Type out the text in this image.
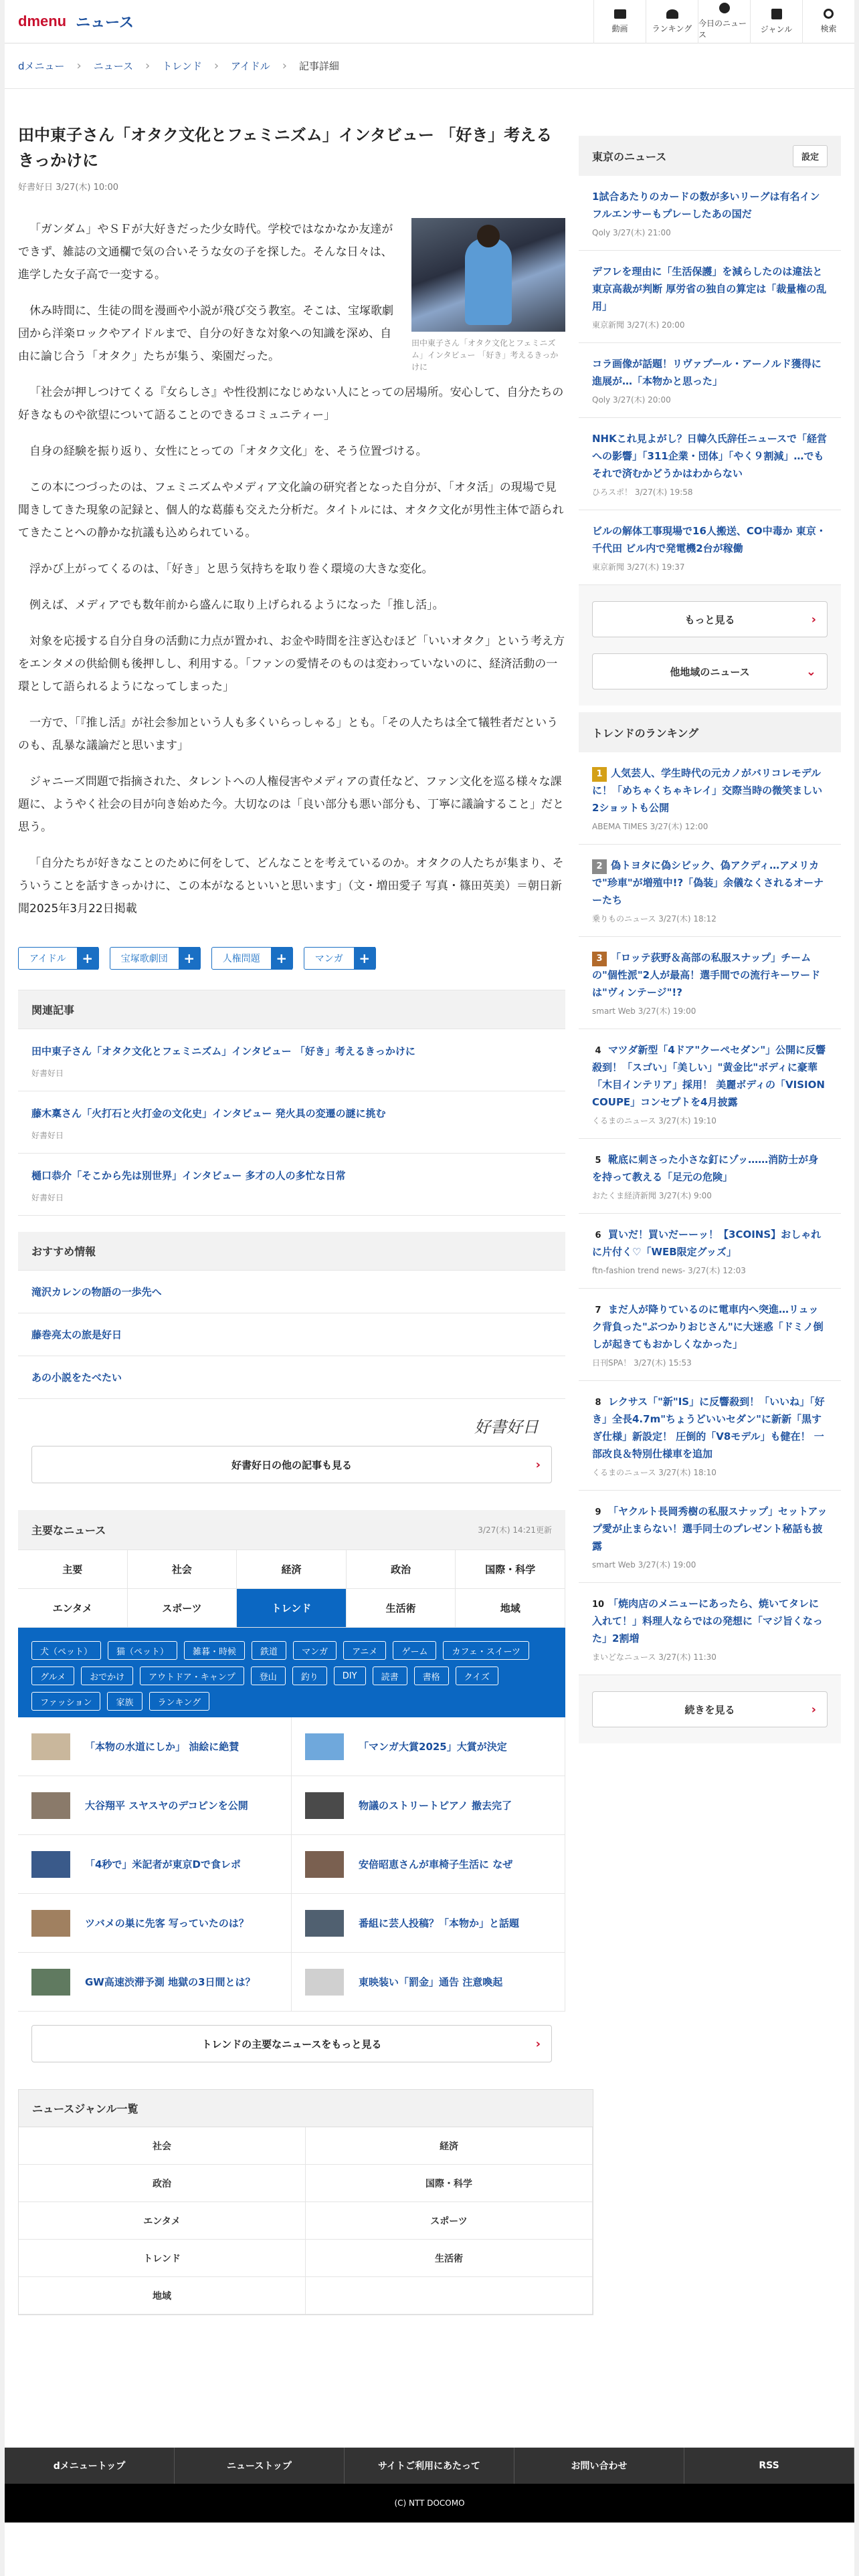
dmenu ニュース	動画	ランキング
今日のニュース
ジャンル	検索
dメニュー › ニュース › トレンド › アイドル › 記事詳細
田中東子さん「オタク文化とフェミニズム」インタビュー 「好き」考えるきっかけに
好書好日 3/27(木) 10:00
田中東子さん「オタク文化とフェミニズム」インタビュー 「好き」考えるきっかけに

「ガンダム」やＳＦが大好きだった少女時代。学校ではなかなか友達ができず、雑誌の文通欄で気の合いそうな女の子を探した。そんな日々は、進学した女子高で一変する。

休み時間に、生徒の間を漫画や小説が飛び交う教室。そこは、宝塚歌劇団から洋楽ロックやアイドルまで、自分の好きな対象への知識を深め、自由に論じ合う「オタク」たちが集う、楽園だった。

「社会が押しつけてくる『女らしさ』や性役割になじめない人にとっての居場所。安心して、自分たちの好きなものや欲望について語ることのできるコミュニティー」

自身の経験を振り返り、女性にとっての「オタク文化」を、そう位置づける。

この本につづったのは、フェミニズムやメディア文化論の研究者となった自分が、「オタ活」の現場で見聞きしてきた現象の記録と、個人的な葛藤も交えた分析だ。タイトルには、オタク文化が男性主体で語られてきたことへの静かな抗議も込められている。

浮かび上がってくるのは、「好き」と思う気持ちを取り巻く環境の大きな変化。

例えば、メディアでも数年前から盛んに取り上げられるようになった「推し活」。

対象を応援する自分自身の活動に力点が置かれ、お金や時間を注ぎ込むほど「いいオタク」という考え方をエンタメの供給側も後押しし、利用する。「ファンの愛情そのものは変わっていないのに、経済活動の一環として語られるようになってしまった」

一方で、「『推し活』が社会参加という人も多くいらっしゃる」とも。「その人たちは全て犠牲者だというのも、乱暴な議論だと思います」

ジャニーズ問題で指摘された、タレントへの人権侵害やメディアの責任など、ファン文化を巡る様々な課題に、ようやく社会の目が向き始めた今。大切なのは「良い部分も悪い部分も、丁寧に議論すること」だと思う。

「自分たちが好きなことのために何をして、どんなことを考えているのか。オタクの人たちが集まり、そういうことを話すきっかけに、この本がなるといいと思います」（文・増田愛子 写真・篠田英美）＝朝日新聞2025年3月22日掲載

アイドル	+	宝塚歌劇団	+	人権問題	+	マンガ	+
関連記事
田中東子さん「オタク文化とフェミニズム」インタビュー 「好き」考えるきっかけに
好書好日
藤木稟さん「火打石と火打金の文化史」インタビュー 発火具の変遷の謎に挑む
好書好日
樋口恭介「そこから先は別世界」インタビュー 多才の人の多忙な日常
好書好日
おすすめ情報
滝沢カレンの物語の一歩先へ
藤巻亮太の旅是好日
あの小説をたべたい
好書好日
好書好日の他の記事も見る	›
主要なニュース	3/27(木) 14:21更新
主要	社会	経済	政治	国際・科学
エンタメ	スポーツ	トレンド	生活術	地域
犬（ペット）	猫（ペット）	雑暮・時候	鉄道	マンガ	アニメ	ゲーム	カフェ・スイーツ
グルメ	おでかけ	アウトドア・キャンプ	登山	釣り	DIY	読書	書格	クイズ
ファッション	家族	ランキング
「本物の水道にしか」 油絵に絶賛	「マンガ大賞2025」大賞が決定
大谷翔平 スヤスヤのデコピンを公開	物議のストリートピアノ 撤去完了
「4秒で」米記者が東京Dで食レポ	安倍昭恵さんが車椅子生活に なぜ
ツバメの巣に先客 写っていたのは？	番組に芸人投稿？「本物か」と話題
GW高速渋滞予測 地獄の3日間とは？	東映装い「罰金」通告 注意喚起
トレンドの主要なニュースをもっと見る	›
東京のニュース	設定
1試合あたりのカードの数が多いリーグは有名インフルエンサーもプレーしたあの国だ
Qoly 3/27(木) 21:00
デフレを理由に「生活保護」を減らしたのは違法と東京高裁が判断 厚労省の独自の算定は「裁量権の乱用」
東京新聞 3/27(木) 20:00
コラ画像が話題！リヴァプール・アーノルド獲得に進展が…「本物かと思った」
Qoly 3/27(木) 20:00
NHKこれ見よがし？日韓久氏辞任ニュースで「経営への影響」「311企業・団体」「やく９割減」…でもそれで済むかどうかはわからない
ひろスポ！ 3/27(木) 19:58
ビルの解体工事現場で16人搬送、CO中毒か 東京・千代田 ビル内で発電機2台が稼働
東京新聞 3/27(木) 19:37
もっと見る	›
他地域のニュース	⌄
トレンドのランキング
1 人気芸人、学生時代の元カノがバリコレモデルに！「めちゃくちゃキレイ」交際当時の微笑ましい2ショットも公開
ABEMA TIMES 3/27(木) 12:00
2 偽トヨタに偽シビック、偽アクディ…アメリカで"珍車"が増殖中!?「偽装」余儀なくされるオーナーたち
乗りものニュース 3/27(木) 18:12
3 「ロッテ荻野＆高部の私服スナップ」チームの"個性派"2人が最高！選手間での流行キーワードは"ヴィンテージ"!?
smart Web 3/27(木) 19:00
4 マツダ新型「4ドア"クーペセダン"」公開に反響殺到！「スゴい」「美しい」"黄金比"ボディに豪華「木目インテリア」採用！ 美麗ボディの「VISION COUPE」コンセプトを4月披露
くるまのニュース 3/27(木) 19:10
5 靴底に刺さった小さな釘にゾッ……消防士が身を持って教える「足元の危険」
おたくま経済新聞 3/27(木) 9:00
6 買いだ！買いだーーッ！【3COINS】おしゃれに片付く♡「WEB限定グッズ」
ftn-fashion trend news- 3/27(木) 12:03
7 まだ人が降りているのに電車内へ突進…リュック背負った"ぶつかりおじさん"に大迷惑「ドミノ倒しが起きてもおかしくなかった」
日刊SPA！ 3/27(木) 15:53
8 レクサス「"新"IS」に反響殺到！「いいね」「好き」全長4.7m"ちょうどいいセダン"に新新「黒すぎ仕様」新設定！ 圧倒的「V8モデル」も健在！ 一部改良＆特別仕様車を追加
くるまのニュース 3/27(木) 18:10
9 「ヤクルト長岡秀樹の私服スナップ」セットアップ愛が止まらない！選手同士のプレゼント秘話も披露
smart Web 3/27(木) 19:00
10 「焼肉店のメニューにあったら、焼いてタレに入れて！」料理人ならではの発想に「マジ旨くなった」2割増
まいどなニュース 3/27(木) 11:30
続きを見る	›
ニュースジャンル一覧
社会	経済
政治	国際・科学
エンタメ	スポーツ
トレンド	生活術
地域
dメニュートップ	ニューストップ	サイトご利用にあたって	お問い合わせ	RSS
(C) NTT DOCOMO
